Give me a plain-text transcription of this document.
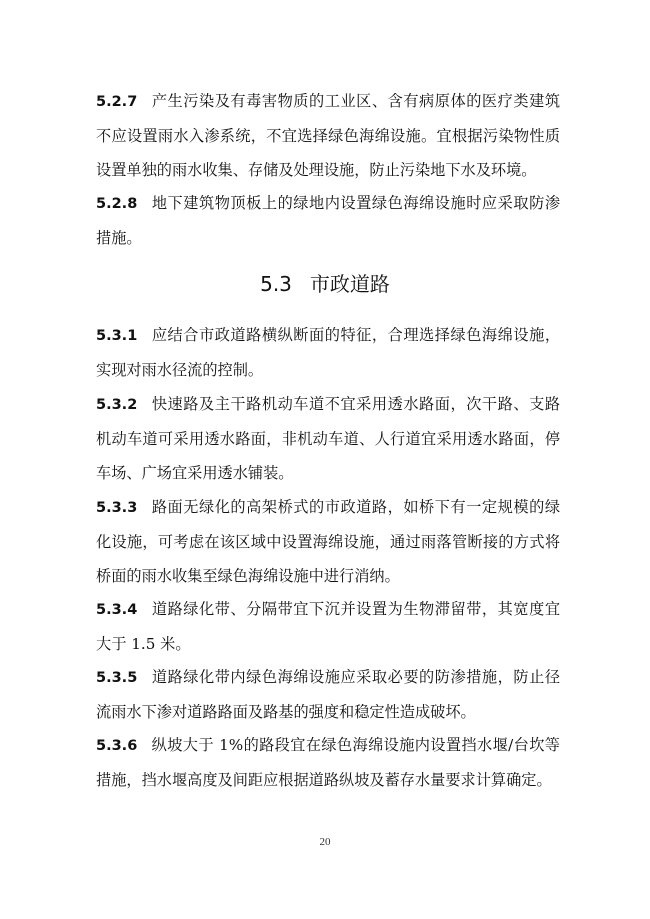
5.2.7 产生污染及有毒害物质的工业区、含有病原体的医疗类建筑不应设置雨水入渗系统，不宜选择绿色海绵设施。宜根据污染物性质设置单独的雨水收集、存储及处理设施，防止污染地下水及环境。

5.2.8 地下建筑物顶板上的绿地内设置绿色海绵设施时应采取防渗措施。

5.3 市政道路

5.3.1 应结合市政道路横纵断面的特征，合理选择绿色海绵设施，实现对雨水径流的控制。

5.3.2 快速路及主干路机动车道不宜采用透水路面，次干路、支路机动车道可采用透水路面，非机动车道、人行道宜采用透水路面，停车场、广场宜采用透水铺装。

5.3.3 路面无绿化的高架桥式的市政道路，如桥下有一定规模的绿化设施，可考虑在该区域中设置海绵设施，通过雨落管断接的方式将桥面的雨水收集至绿色海绵设施中进行消纳。

5.3.4 道路绿化带、分隔带宜下沉并设置为生物滞留带，其宽度宜大于 1.5 米。

5.3.5 道路绿化带内绿色海绵设施应采取必要的防渗措施，防止径流雨水下渗对道路路面及路基的强度和稳定性造成破坏。

5.3.6 纵坡大于 1%的路段宜在绿色海绵设施内设置挡水堰/台坎等措施，挡水堰高度及间距应根据道路纵坡及蓄存水量要求计算确定。

20
